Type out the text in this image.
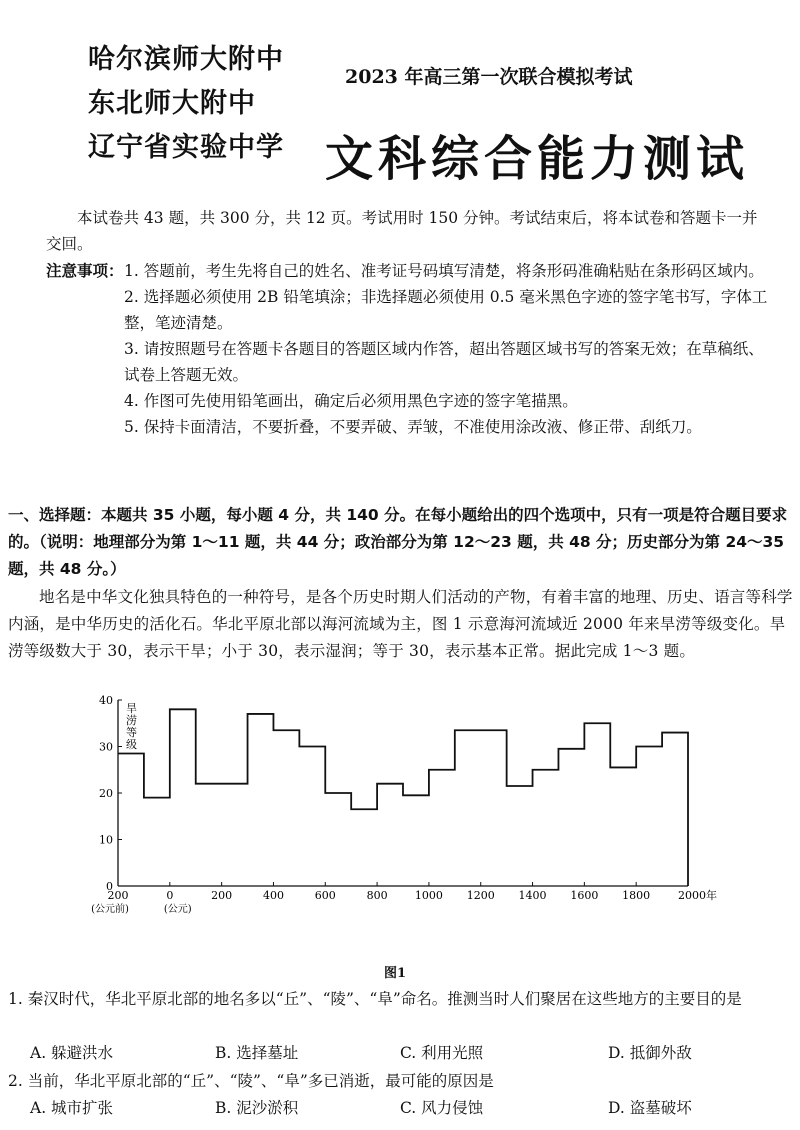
哈尔滨师大附中
东北师大附中
辽宁省实验中学
2023 年高三第一次联合模拟考试
文科综合能力测试
本试卷共 43 题，共 300 分，共 12 页。考试用时 150 分钟。考试结束后，将本试卷和答题卡一并交回。
注意事项： 1. 答题前，考生先将自己的姓名、准考证号码填写清楚，将条形码准确粘贴在条形码区域内。
2. 选择题必须使用 2B 铅笔填涂；非选择题必须使用 0.5 毫米黑色字迹的签字笔书写，字体工整，笔迹清楚。
3. 请按照题号在答题卡各题目的答题区域内作答，超出答题区域书写的答案无效；在草稿纸、试卷上答题无效。
4. 作图可先使用铅笔画出，确定后必须用黑色字迹的签字笔描黑。
5. 保持卡面清洁，不要折叠，不要弄破、弄皱，不准使用涂改液、修正带、刮纸刀。
一、选择题：本题共 35 小题，每小题 4 分，共 140 分。在每小题给出的四个选项中，只有一项是符合题目要求的。（说明：地理部分为第 1～11 题，共 44 分；政治部分为第 12～23 题，共 48 分；历史部分为第 24～35 题，共 48 分。）
地名是中华文化独具特色的一种符号，是各个历史时期人们活动的产物，有着丰富的地理、历史、语言等科学内涵，是中华历史的活化石。华北平原北部以海河流域为主，图 1 示意海河流域近 2000 年来旱涝等级变化。旱涝等级数大于 30，表示干旱；小于 30，表示湿润；等于 30，表示基本正常。据此完成 1～3 题。
0
10
20
30
40
200	0	200	400	600	800 1000 1200 1400 1600 1800	2000年
(公元前)	(公元)
旱涝等级
图1
1. 秦汉时代，华北平原北部的地名多以“丘”、“陵”、“阜”命名。推测当时人们聚居在这些地方的主要目的是
A. 躲避洪水	B. 选择墓址	C. 利用光照	D. 抵御外敌
2. 当前，华北平原北部的“丘”、“陵”、“阜”多已消逝，最可能的原因是
A. 城市扩张	B. 泥沙淤积	C. 风力侵蚀	D. 盗墓破坏
